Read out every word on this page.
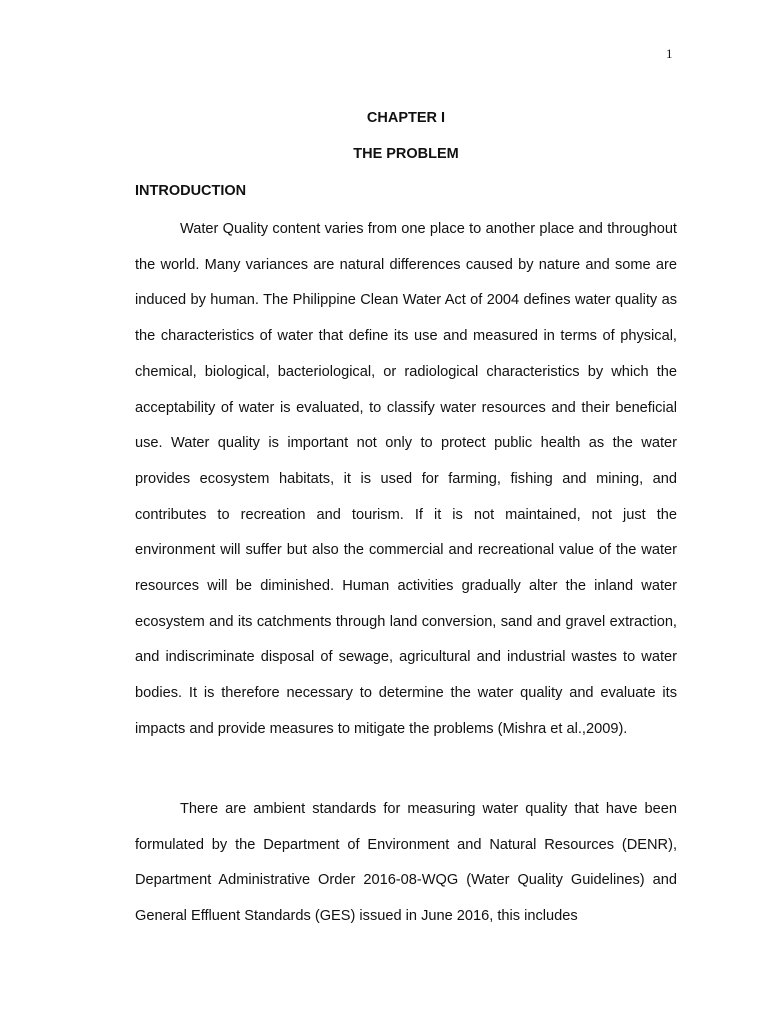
1
CHAPTER I
THE PROBLEM
INTRODUCTION

Water Quality content varies from one place to another place and throughout the world. Many variances are natural differences caused by nature and some are induced by human. The Philippine Clean Water Act of 2004 defines water quality as the characteristics of water that define its use and measured in terms of physical, chemical, biological, bacteriological, or radiological characteristics by which the acceptability of water is evaluated, to classify water resources and their beneficial use. Water quality is important not only to protect public health as the water provides ecosystem habitats, it is used for farming, fishing and mining, and contributes to recreation and tourism. If it is not maintained, not just the environment will suffer but also the commercial and recreational value of the water resources will be diminished. Human activities gradually alter the inland water ecosystem and its catchments through land conversion, sand and gravel extraction, and indiscriminate disposal of sewage, agricultural and industrial wastes to water bodies. It is therefore necessary to determine the water quality and evaluate its impacts and provide measures to mitigate the problems (Mishra et al.,2009).

There are ambient standards for measuring water quality that have been formulated by the Department of Environment and Natural Resources (DENR), Department Administrative Order 2016-08-WQG (Water Quality Guidelines) and General Effluent Standards (GES) issued in June 2016, this includes
